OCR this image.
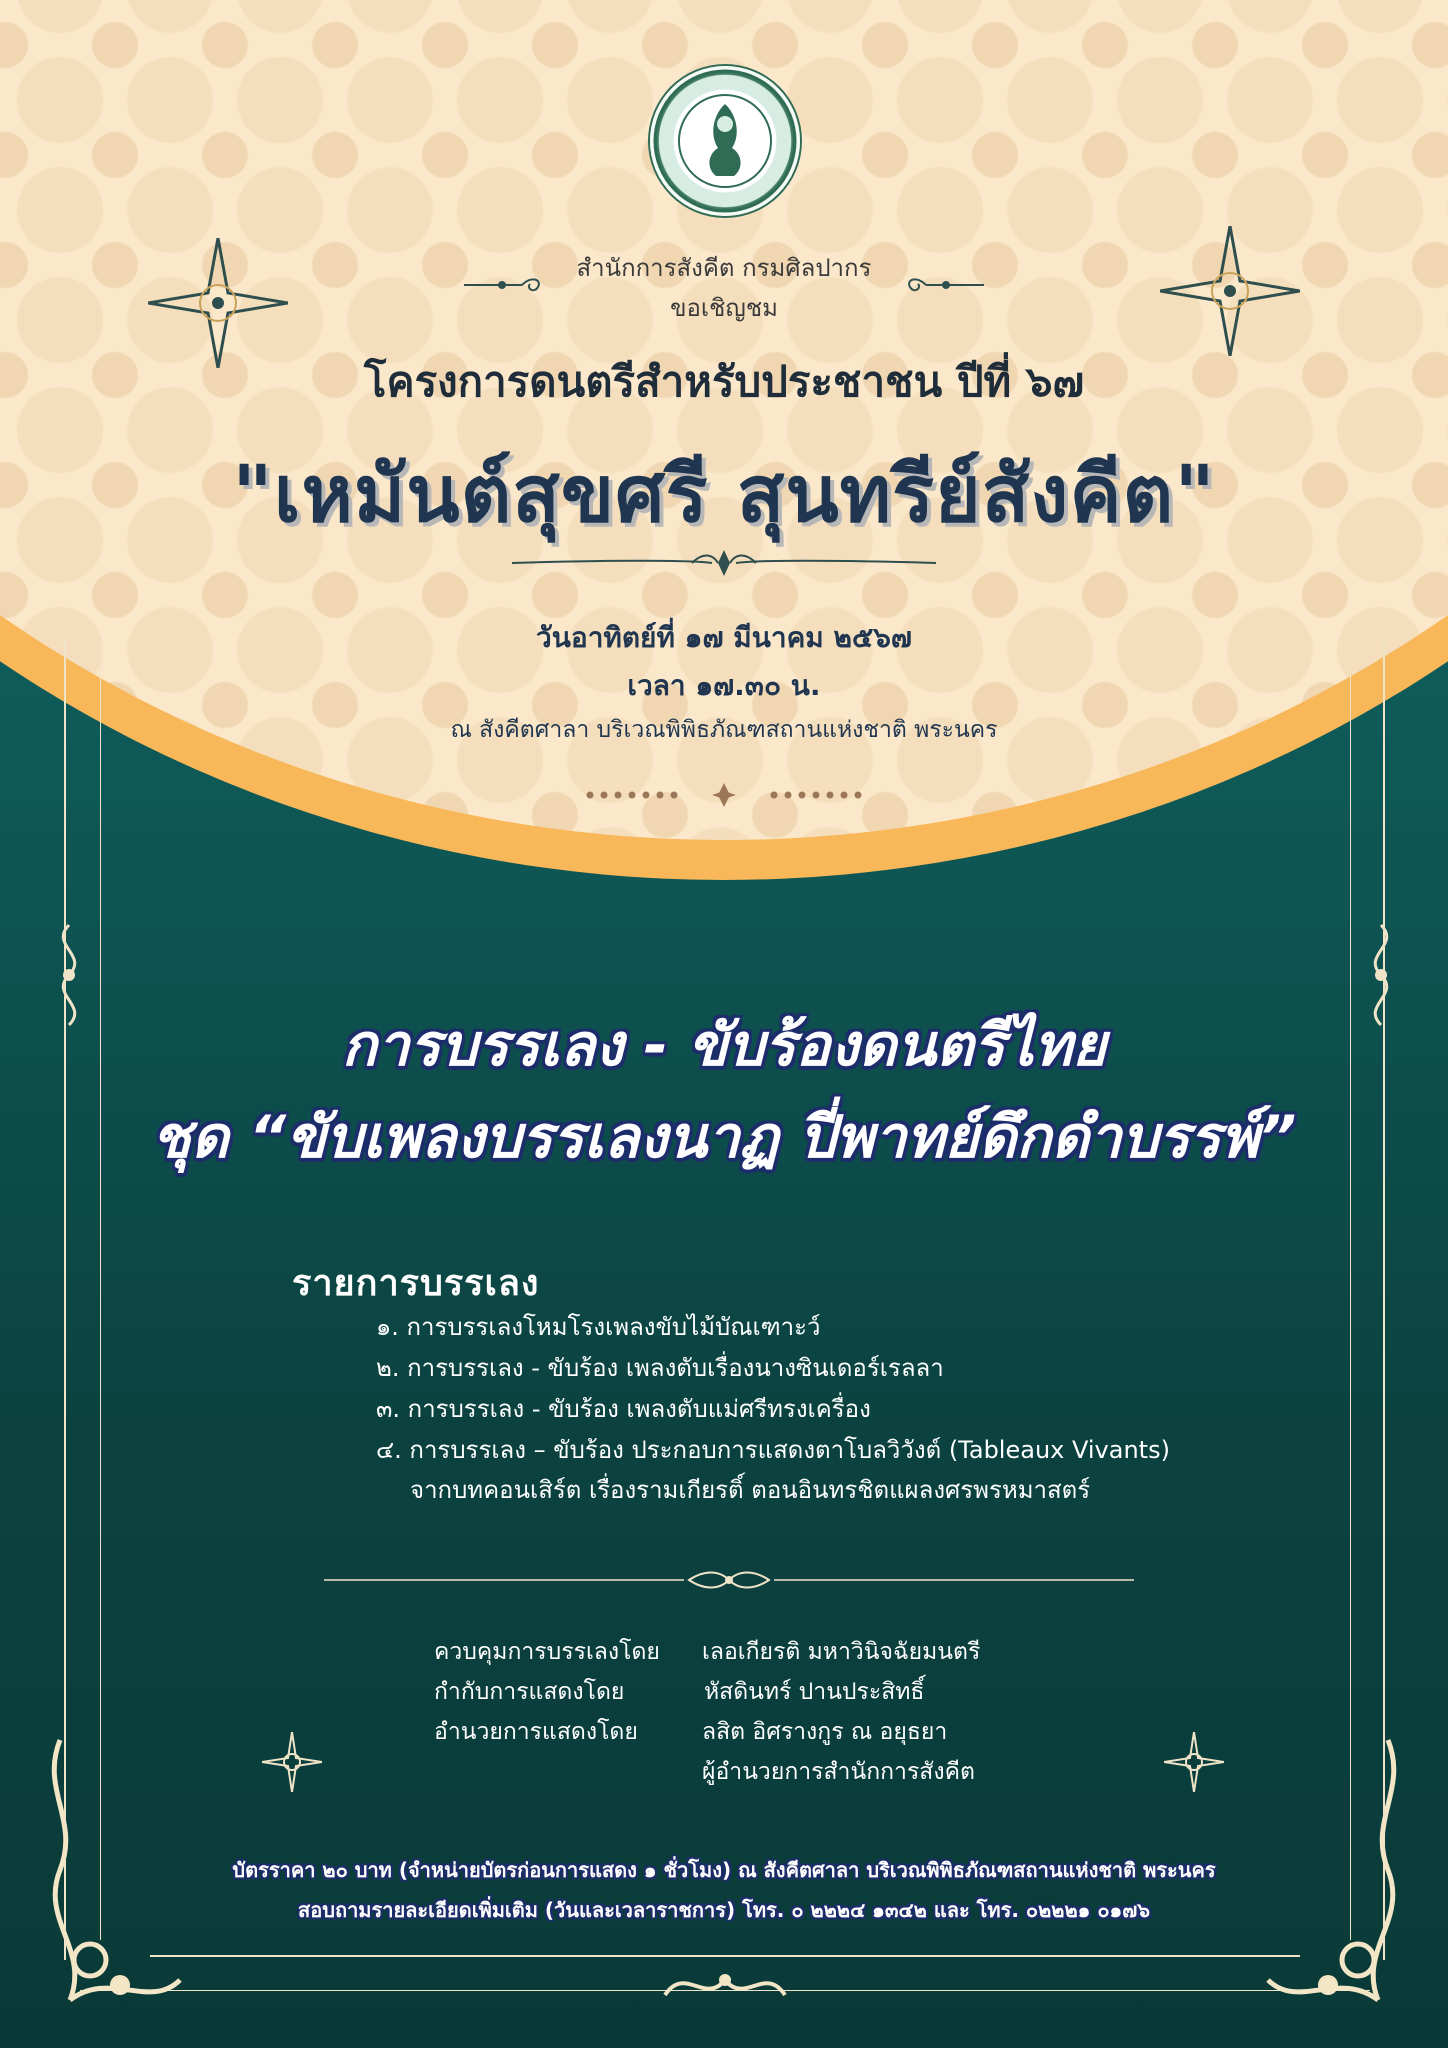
สำนักการสังคีต กรมศิลปากร
ขอเชิญชม
โครงการดนตรีสำหรับประชาชน ปีที่ ๖๗
"เหมันต์สุขศรี สุนทรีย์สังคีต"
วันอาทิตย์ที่ ๑๗ มีนาคม ๒๕๖๗
เวลา ๑๗.๓๐ น.
ณ สังคีตศาลา บริเวณพิพิธภัณฑสถานแห่งชาติ พระนคร
การบรรเลง - ขับร้องดนตรีไทย
ชุด “ขับเพลงบรรเลงนาฏ ปี่พาทย์ดึกดำบรรพ์”
รายการบรรเลง
๑. การบรรเลงโหมโรงเพลงขับไม้บัณเฑาะว์
๒. การบรรเลง - ขับร้อง เพลงตับเรื่องนางซินเดอร์เรลลา
๓. การบรรเลง - ขับร้อง เพลงตับแม่ศรีทรงเครื่อง
๔. การบรรเลง – ขับร้อง ประกอบการแสดงตาโบลวิวังต์ (Tableaux Vivants)
จากบทคอนเสิร์ต เรื่องรามเกียรติ์ ตอนอินทรชิตแผลงศรพรหมาสตร์
ควบคุมการบรรเลงโดย เลอเกียรติ มหาวินิจฉัยมนตรี
กำกับการแสดงโดย	หัสดินทร์ ปานประสิทธิ์
อำนวยการแสดงโดย	ลสิต อิศรางกูร ณ อยุธยา
ผู้อำนวยการสำนักการสังคีต
บัตรราคา ๒๐ บาท (จำหน่ายบัตรก่อนการแสดง ๑ ชั่วโมง) ณ สังคีตศาลา บริเวณพิพิธภัณฑสถานแห่งชาติ พระนคร
สอบถามรายละเอียดเพิ่มเติม (วันและเวลาราชการ) โทร. ๐ ๒๒๒๔ ๑๓๔๒ และ โทร. ๐๒๒๒๑ ๐๑๗๖
